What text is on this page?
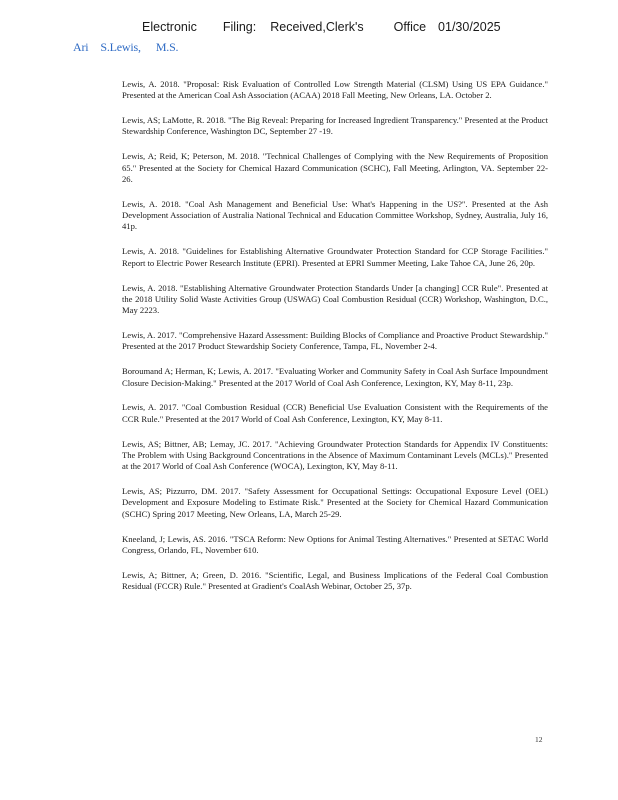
Electronic Filing: Received,Clerk's Office 01/30/2025
Ari S.Lewis, M.S.

Lewis, A. 2018. "Proposal: Risk Evaluation of Controlled Low Strength Material (CLSM) Using US EPA Guidance." Presented at the American Coal Ash Association (ACAA) 2018 Fall Meeting, New Orleans, LA. October 2.

Lewis, AS; LaMotte, R. 2018. "The Big Reveal: Preparing for Increased Ingredient Transparency." Presented at the Product Stewardship Conference, Washington DC, September 27 -19.

Lewis, A; Reid, K; Peterson, M. 2018. "Technical Challenges of Complying with the New Requirements of Proposition 65." Presented at the Society for Chemical Hazard Communication (SCHC), Fall Meeting, Arlington, VA. September 22-26.

Lewis, A. 2018. "Coal Ash Management and Beneficial Use: What's Happening in the US?". Presented at the Ash Development Association of Australia National Technical and Education Committee Workshop, Sydney, Australia, July 16, 41p.

Lewis, A. 2018. "Guidelines for Establishing Alternative Groundwater Protection Standard for CCP Storage Facilities." Report to Electric Power Research Institute (EPRI). Presented at EPRI Summer Meeting, Lake Tahoe CA, June 26, 20p.

Lewis, A. 2018. "Establishing Alternative Groundwater Protection Standards Under [a changing] CCR Rule". Presented at the 2018 Utility Solid Waste Activities Group (USWAG) Coal Combustion Residual (CCR) Workshop, Washington, D.C., May 2223.

Lewis, A. 2017. "Comprehensive Hazard Assessment: Building Blocks of Compliance and Proactive Product Stewardship." Presented at the 2017 Product Stewardship Society Conference, Tampa, FL, November 2-4.

Boroumand A; Herman, K; Lewis, A. 2017. "Evaluating Worker and Community Safety in Coal Ash Surface Impoundment Closure Decision-Making." Presented at the 2017 World of Coal Ash Conference, Lexington, KY, May 8-11, 23p.

Lewis, A. 2017. "Coal Combustion Residual (CCR) Beneficial Use Evaluation Consistent with the Requirements of the CCR Rule." Presented at the 2017 World of Coal Ash Conference, Lexington, KY, May 8-11.

Lewis, AS; Bittner, AB; Lemay, JC. 2017. "Achieving Groundwater Protection Standards for Appendix IV Constituents: The Problem with Using Background Concentrations in the Absence of Maximum Contaminant Levels (MCLs)." Presented at the 2017 World of Coal Ash Conference (WOCA), Lexington, KY, May 8-11.

Lewis, AS; Pizzurro, DM. 2017. "Safety Assessment for Occupational Settings: Occupational Exposure Level (OEL) Development and Exposure Modeling to Estimate Risk." Presented at the Society for Chemical Hazard Communication (SCHC) Spring 2017 Meeting, New Orleans, LA, March 25-29.

Kneeland, J; Lewis, AS. 2016. "TSCA Reform: New Options for Animal Testing Alternatives." Presented at SETAC World Congress, Orlando, FL, November 610.

Lewis, A; Bittner, A; Green, D. 2016. "Scientific, Legal, and Business Implications of the Federal Coal Combustion Residual (FCCR) Rule." Presented at Gradient's CoalAsh Webinar, October 25, 37p.

12
